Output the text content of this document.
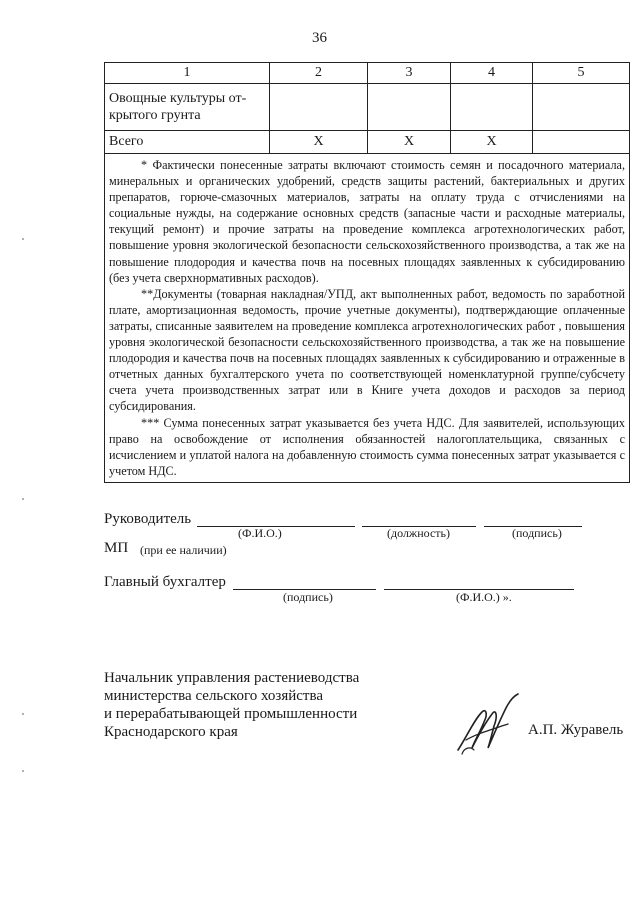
36
1	2	3	4	5

Овощные культуры от-
крытого грунта				

Всего	Х	Х	Х	

* Фактически понесенные затраты включают стоимость семян и посадочного материала, минеральных и органических удобрений, средств защиты растений, бактериальных и других препаратов, горюче-смазочных материалов, затраты на оплату труда с отчислениями на социальные нужды, на содержание основных средств (запасные части и расходные материалы, текущий ремонт) и прочие затраты на проведение комплекса агротехнологических работ, повышение уровня экологической безопасности сельскохозяйственного производства, а так же на повышение плодородия и качества почв на посевных площадях заявленных к субсидированию (без учета сверхнормативных расходов).

**Документы (товарная накладная/УПД, акт выполненных работ, ведомость по заработной плате, амортизационная ведомость, прочие учетные документы), подтверждающие оплаченные затраты, списанные заявителем на проведение комплекса агротехнологических работ , повышения уровня экологической безопасности сельскохозяйственного производства, а так же на повышение плодородия и качества почв на посевных площадях заявленных к субсидированию и отраженные в отчетных данных бухгалтерского учета по соответствующей номенклатурной группе/субсчету счета учета производственных затрат или в Книге учета доходов и расходов за период субсидирования.

*** Сумма понесенных затрат указывается без учета НДС. Для заявителей, использующих право на освобождение от исполнения обязанностей налогоплательщика, связанных с исчислением и уплатой налога на добавленную стоимость сумма понесенных затрат указывается с учетом НДС.				

Руководитель
(Ф.И.О.)	(должность)	(подпись)
МП (при ее наличии)
Главный бухгалтер
(подпись)	(Ф.И.О.) ».
Начальник управления растениеводства
министерства сельского хозяйства
и перерабатывающей промышленности
Краснодарского края	А.П. Журавель
